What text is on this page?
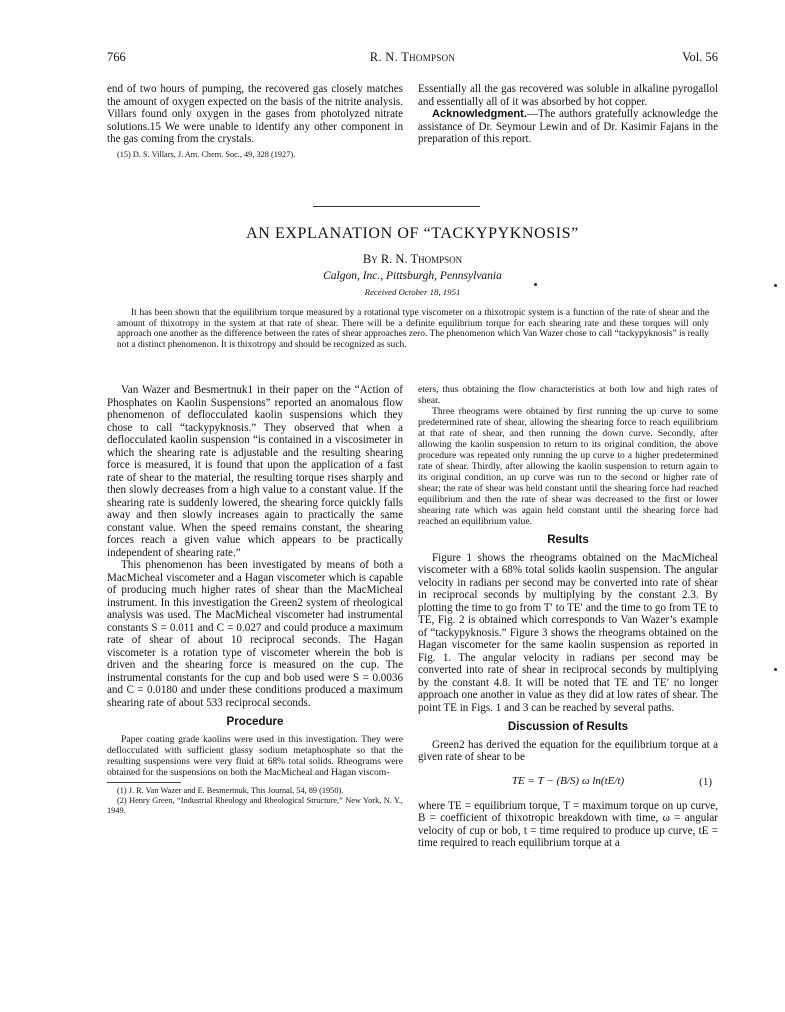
766	R. N. Thompson	Vol. 56

end of two hours of pumping, the recovered gas closely matches the amount of oxygen expected on the basis of the nitrite analysis. Villars found only oxygen in the gases from photolyzed nitrate solutions.15 We were unable to identify any other component in the gas coming from the crystals.

(15) D. S. Villars, J. Am. Chem. Soc., 49, 328 (1927).

Essentially all the gas recovered was soluble in alkaline pyrogallol and essentially all of it was absorbed by hot copper.

Acknowledgment.—The authors gratefully acknowledge the assistance of Dr. Seymour Lewin and of Dr. Kasimir Fajans in the preparation of this report.

AN EXPLANATION OF “TACKYPYKNOSIS”
By R. N. Thompson
Calgon, Inc., Pittsburgh, Pennsylvania
Received October 18, 1951

It has been shown that the equilibrium torque measured by a rotational type viscometer on a thixotropic system is a function of the rate of shear and the amount of thixotropy in the system at that rate of shear. There will be a definite equilibrium torque for each shearing rate and these torques will only approach one another as the difference between the rates of shear approaches zero. The phenomenon which Van Wazer chose to call “tackypyknosis” is really not a distinct phenomenon. It is thixotropy and should be recognized as such.

Van Wazer and Besmertnuk1 in their paper on the “Action of Phosphates on Kaolin Suspensions” reported an anomalous flow phenomenon of deflocculated kaolin suspensions which they chose to call “tackypyknosis.” They observed that when a deflocculated kaolin suspension “is contained in a viscosimeter in which the shearing rate is adjustable and the resulting shearing force is measured, it is found that upon the application of a fast rate of shear to the material, the resulting torque rises sharply and then slowly decreases from a high value to a constant value. If the shearing rate is suddenly lowered, the shearing force quickly falls away and then slowly increases again to practically the same constant value. When the speed remains constant, the shearing forces reach a given value which appears to be practically independent of shearing rate.”

This phenomenon has been investigated by means of both a MacMicheal viscometer and a Hagan viscometer which is capable of producing much higher rates of shear than the MacMicheal instrument. In this investigation the Green2 system of rheological analysis was used. The MacMicheal viscometer had instrumental constants S = 0.011 and C = 0.027 and could produce a maximum rate of shear of about 10 reciprocal seconds. The Hagan viscometer is a rotation type of viscometer wherein the bob is driven and the shearing force is measured on the cup. The instrumental constants for the cup and bob used were S = 0.0036 and C = 0.0180 and under these conditions produced a maximum shearing rate of about 533 reciprocal seconds.

Procedure

Paper coating grade kaolins were used in this investigation. They were deflocculated with sufficient glassy sodium metaphosphate so that the resulting suspensions were very fluid at 68% total solids. Rheograms were obtained for the suspensions on both the MacMicheal and Hagan viscom-

(1) J. R. Van Wazer and E. Besmertnuk, This Journal, 54, 89 (1950).

(2) Henry Green, “Industrial Rheology and Rheological Structure,” New York, N. Y., 1949.

eters, thus obtaining the flow characteristics at both low and high rates of shear.

Three rheograms were obtained by first running the up curve to some predetermined rate of shear, allowing the shearing force to reach equilibrium at that rate of shear, and then running the down curve. Secondly, after allowing the kaolin suspension to return to its original condition, the above procedure was repeated only running the up curve to a higher predetermined rate of shear. Thirdly, after allowing the kaolin suspension to return again to its original condition, an up curve was run to the second or higher rate of shear; the rate of shear was held constant until the shearing force had reached equilibrium and then the rate of shear was decreased to the first or lower shearing rate which was again held constant until the shearing force had reached an equilibrium value.

Results

Figure 1 shows the rheograms obtained on the MacMicheal viscometer with a 68% total solids kaolin suspension. The angular velocity in radians per second may be converted into rate of shear in reciprocal seconds by multiplying by the constant 2.3. By plotting the time to go from T′ to TE′ and the time to go from TE to TE, Fig. 2 is obtained which corresponds to Van Wazer’s example of “tackypyknosis.” Figure 3 shows the rheograms obtained on the Hagan viscometer for the same kaolin suspension as reported in Fig. 1. The angular velocity in radians per second may be converted into rate of shear in reciprocal seconds by multiplying by the constant 4.8. It will be noted that TE and TE′ no longer approach one another in value as they did at low rates of shear. The point TE in Figs. 1 and 3 can be reached by several paths.

Discussion of Results

Green2 has derived the equation for the equilibrium torque at a given rate of shear to be

TE = T − (B/S) ω ln(tE/t)	(1)

where TE = equilibrium torque, T = maximum torque on up curve, B = coefficient of thixotropic breakdown with time, ω = angular velocity of cup or bob, t = time required to produce up curve, tE = time required to reach equilibrium torque at a
